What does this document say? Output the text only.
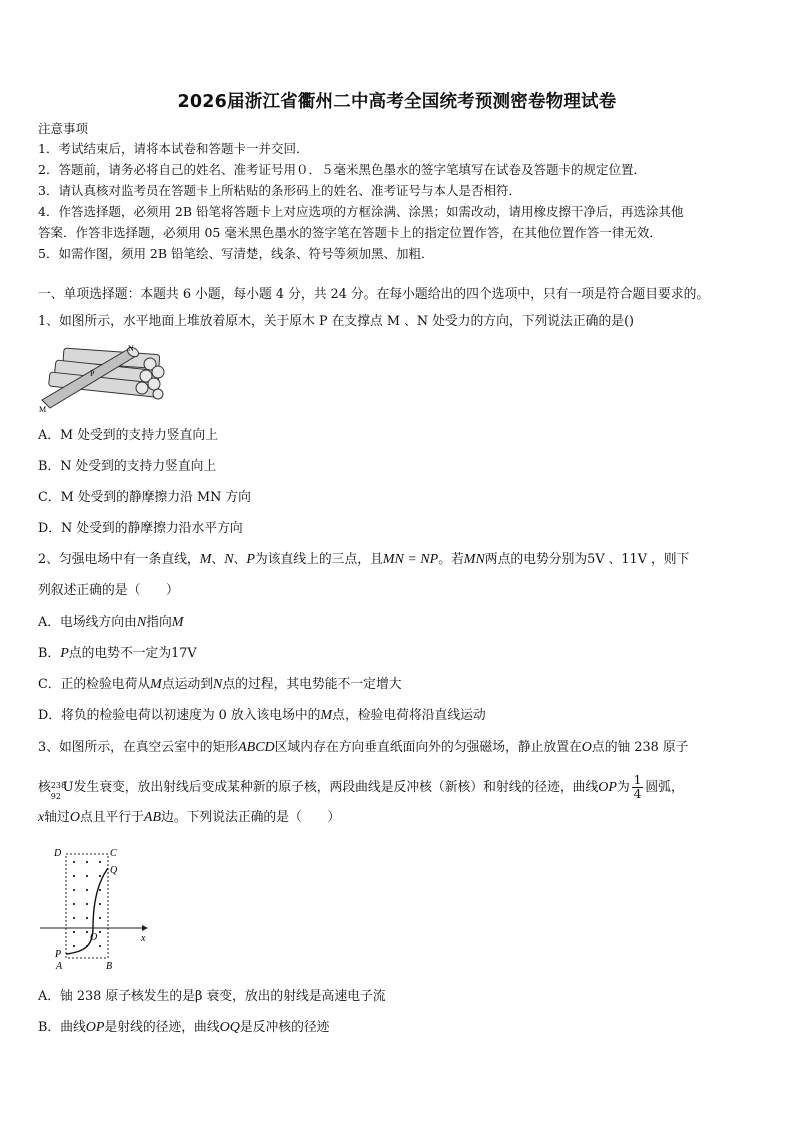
2026届浙江省衢州二中高考全国统考预测密卷物理试卷
注意事项
1．考试结束后，请将本试卷和答题卡一并交回．
2．答题前，请务必将自己的姓名、准考证号用０．５毫米黑色墨水的签字笔填写在试卷及答题卡的规定位置．
3．请认真核对监考员在答题卡上所粘贴的条形码上的姓名、准考证号与本人是否相符．
4．作答选择题，必须用 2B 铅笔将答题卡上对应选项的方框涂满、涂黑；如需改动，请用橡皮擦干净后，再选涂其他
答案．作答非选择题，必须用 05 毫米黑色墨水的签字笔在答题卡上的指定位置作答，在其他位置作答一律无效．
5．如需作图，须用 2B 铅笔绘、写清楚，线条、符号等须加黑、加粗．
一、单项选择题：本题共 6 小题，每小题 4 分，共 24 分。在每小题给出的四个选项中，只有一项是符合题目要求的。
1、如图所示，水平地面上堆放着原木，关于原木 P 在支撑点 M 、N 处受力的方向，下列说法正确的是()
M
N
P
A．M 处受到的支持力竖直向上
B．N 处受到的支持力竖直向上
C．M 处受到的静摩擦力沿 MN 方向
D．N 处受到的静摩擦力沿水平方向
2、匀强电场中有一条直线，M、N、P为该直线上的三点，且MN = NP。若MN两点的电势分别为5V 、11V ，则下
列叙述正确的是（　　）
A．电场线方向由N指向M
B．P点的电势不一定为17V
C．正的检验电荷从M点运动到N点的过程，其电势能不一定增大
D．将负的检验电荷以初速度为 0 放入该电场中的M点，检验电荷将沿直线运动
3、如图所示，在真空云室中的矩形ABCD区域内存在方向垂直纸面向外的匀强磁场，静止放置在O点的铀 238 原子
核 238
92
U发生衰变，放出射线后变成某种新的原子核，两段曲线是反冲核（新核）和射线的径迹，曲线OP为 $\frac{1}{4}$ 圆弧，
x轴过O点且平行于AB边。下列说法正确的是（　　）
D	C
Q
O
P
A	B
x
A．铀 238 原子核发生的是β 衰变，放出的射线是高速电子流
B．曲线OP是射线的径迹，曲线OQ是反冲核的径迹
